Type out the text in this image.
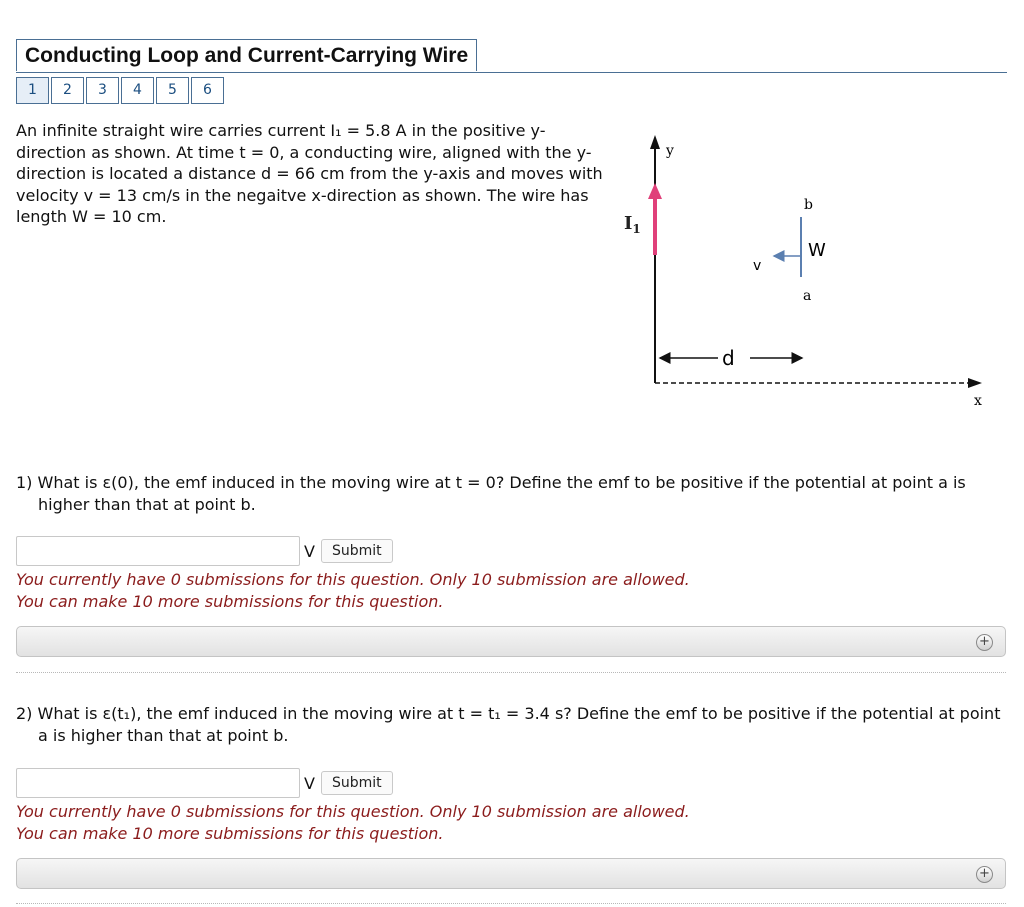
Conducting Loop and Current-Carrying Wire
1	2	3	4	5	6
An infinite straight wire carries current I₁ = 5.8 A in the positive y-direction as shown. At time t = 0, a conducting wire, aligned with the y-direction is located a distance d = 66 cm from the y-axis and moves with velocity v = 13 cm/s in the negaitve x-direction as shown. The wire has length W = 10 cm.
y
$I_1$
x
b
a
W
v
d
1) What is ε(0), the emf induced in the moving wire at t = 0? Define the emf to be positive if the potential at point a is higher than that at point b.
V	Submit
You currently have 0 submissions for this question. Only 10 submission are allowed.
You can make 10 more submissions for this question.
+
2) What is ε(t₁), the emf induced in the moving wire at t = t₁ = 3.4 s? Define the emf to be positive if the potential at point a is higher than that at point b.
V	Submit
You currently have 0 submissions for this question. Only 10 submission are allowed.
You can make 10 more submissions for this question.
+
